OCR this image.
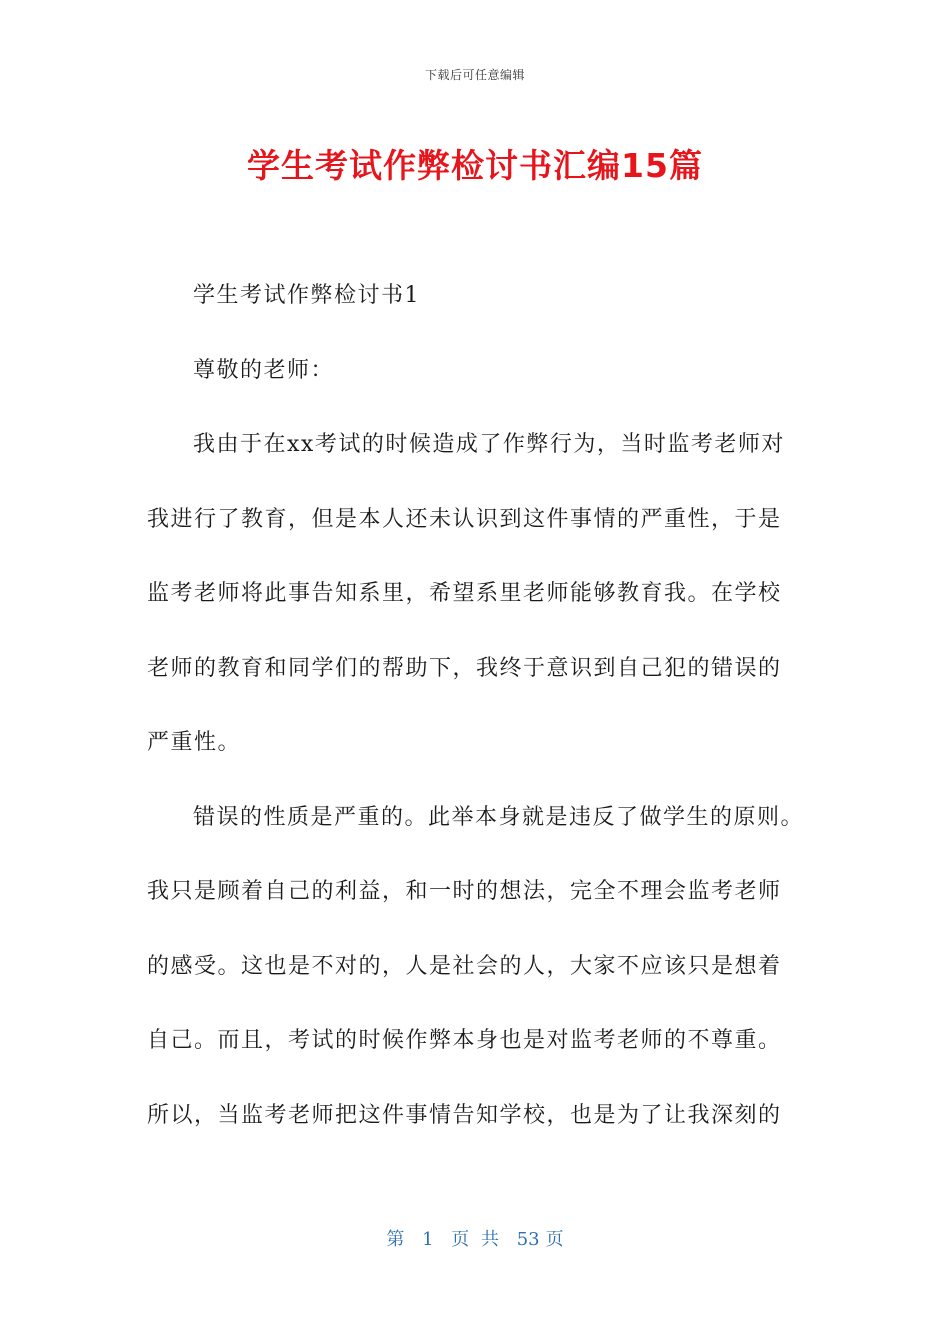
下载后可任意编辑
学生考试作弊检讨书汇编15篇
学生考试作弊检讨书1
尊敬的老师：
我由于在xx考试的时候造成了作弊行为，当时监考老师对
我进行了教育，但是本人还未认识到这件事情的严重性，于是
监考老师将此事告知系里，希望系里老师能够教育我。在学校
老师的教育和同学们的帮助下，我终于意识到自己犯的错误的
严重性。
错误的性质是严重的。此举本身就是违反了做学生的原则。
我只是顾着自己的利益，和一时的想法，完全不理会监考老师
的感受。这也是不对的，人是社会的人，大家不应该只是想着
自己。而且，考试的时候作弊本身也是对监考老师的不尊重。
所以，当监考老师把这件事情告知学校，也是为了让我深刻的
第 1 页 共 53 页
